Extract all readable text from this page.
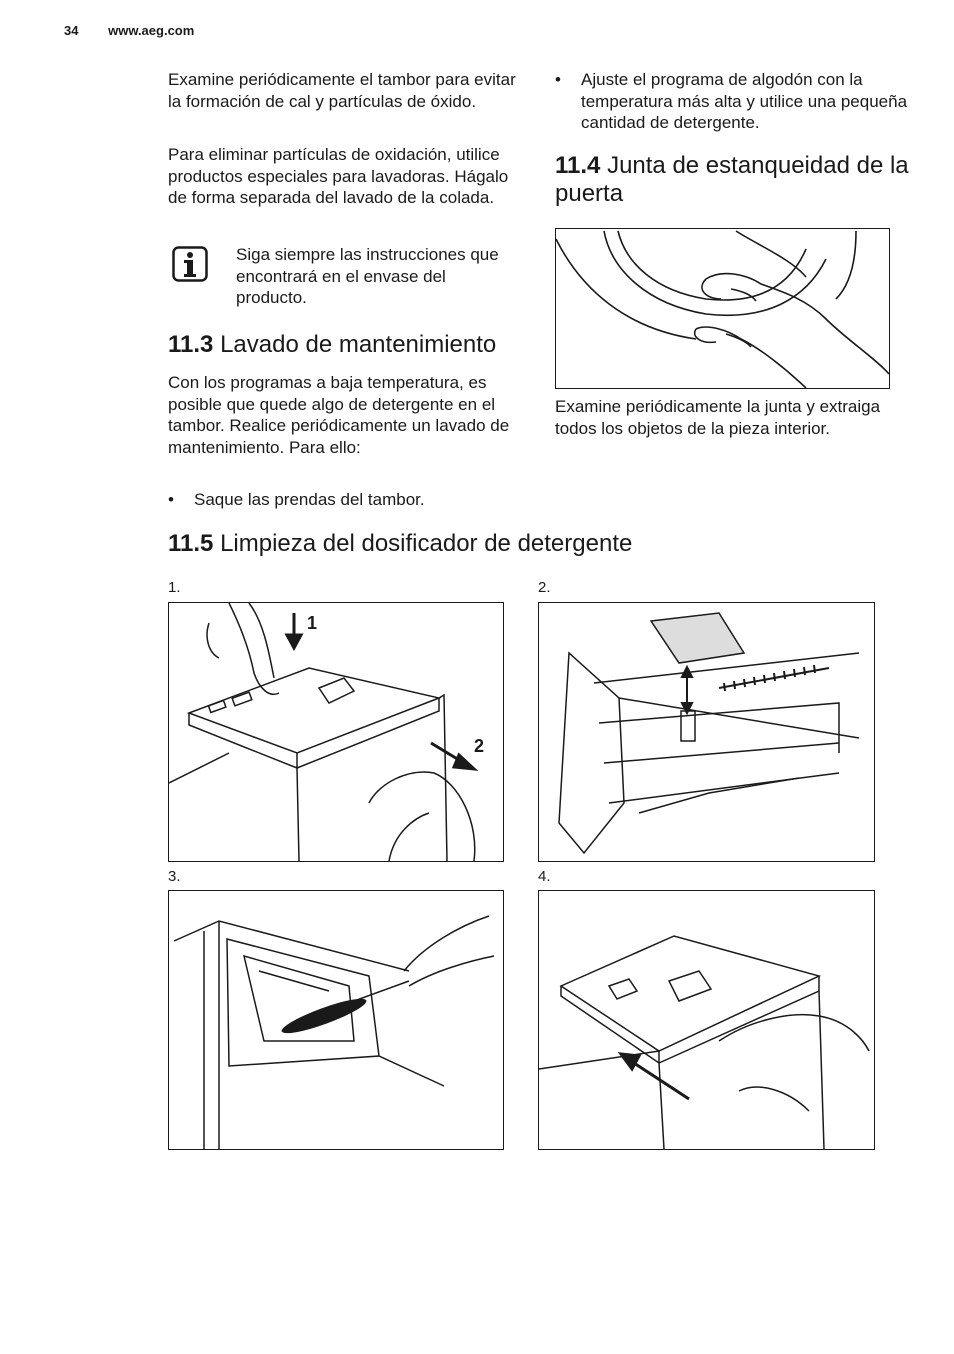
34 www.aeg.com

Examine periódicamente el tambor para evitar la formación de cal y partículas de óxido.

Para eliminar partículas de oxidación, utilice productos especiales para lavadoras. Hágalo de forma separada del lavado de la colada.

Siga siempre las instrucciones que encontrará en el envase del producto.

11.3 Lavado de mantenimiento

Con los programas a baja temperatura, es posible que quede algo de detergente en el tambor. Realice periódicamente un lavado de mantenimiento. Para ello:

• Saque las prendas del tambor.
• Ajuste el programa de algodón con la temperatura más alta y utilice una pequeña cantidad de detergente.
11.4 Junta de estanqueidad de la puerta

Examine periódicamente la junta y extraiga todos los objetos de la pieza interior.

11.5 Limpieza del dosificador de detergente
1.	2.
3.	4.
1
2
